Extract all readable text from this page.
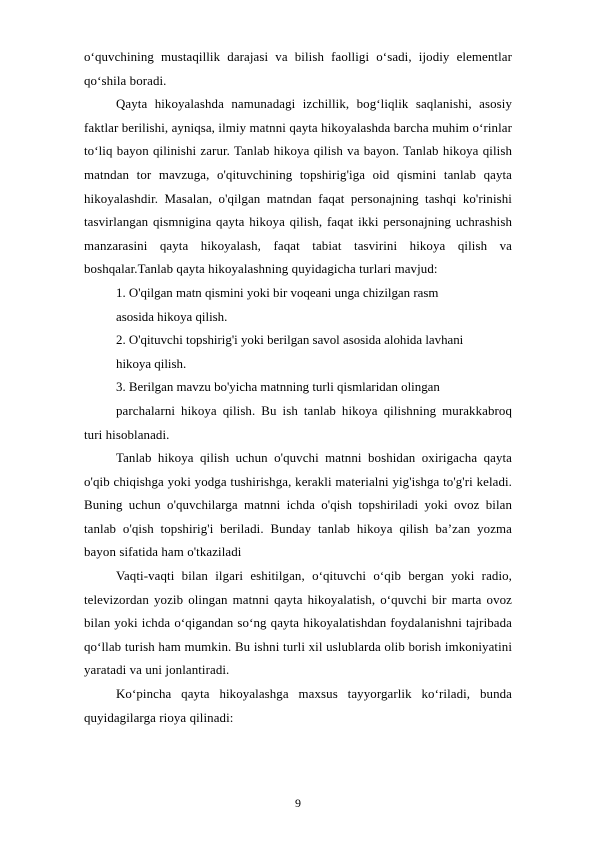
o‘quvchining mustaqillik darajasi va bilish faolligi o‘sadi, ijodiy elementlar qo‘shila boradi.

Qayta hikoyalashda namunadagi izchillik, bog‘liqlik saqlanishi, asosiy faktlar berilishi, ayniqsa, ilmiy matnni qayta hikoyalashda barcha muhim o‘rinlar to‘liq bayon qilinishi zarur. Tanlab hikoya qilish va bayon. Tanlab hikoya qilish matndan tor mavzuga, o'qituvchining topshirig'iga oid qismini tanlab qayta hikoyalashdir. Masalan, o'qilgan matndan faqat personajning tashqi ko'rinishi tasvirlangan qismnigina qayta hikoya qilish, faqat ikki personajning uchrashish manzarasini qayta hikoyalash, faqat tabiat tasvirini hikoya qilish va boshqalar.Tanlab qayta hikoyalashning quyidagicha turlari mavjud:

1. O'qilgan matn qismini yoki bir voqeani unga chizilgan rasm

asosida hikoya qilish.

2. O'qituvchi topshirig'i yoki berilgan savol asosida alohida lavhani

hikoya qilish.

3. Berilgan mavzu bo'yicha matnning turli qismlaridan olingan

parchalarni hikoya qilish. Bu ish tanlab hikoya qilishning murakkabroq turi hisoblanadi.

Tanlab hikoya qilish uchun o'quvchi matnni boshidan oxirigacha qayta o'qib chiqishga yoki yodga tushirishga, kerakli materialni yig'ishga to'g'ri keladi. Buning uchun o'quvchilarga matnni ichda o'qish topshiriladi yoki ovoz bilan tanlab o'qish topshirig'i beriladi. Bunday tanlab hikoya qilish ba’zan yozma bayon sifatida ham o'tkaziladi

Vaqti-vaqti bilan ilgari eshitilgan, o‘qituvchi o‘qib bergan yoki radio, televizordan yozib olingan matnni qayta hikoyalatish, o‘quvchi bir marta ovoz bilan yoki ichda o‘qigandan so‘ng qayta hikoyalatishdan foydalanishni tajribada qo‘llab turish ham mumkin. Bu ishni turli xil uslublarda olib borish imkoniyatini yaratadi va uni jonlantiradi.

Ko‘pincha qayta hikoyalashga maxsus tayyorgarlik ko‘riladi, bunda quyidagilarga rioya qilinadi:

9
